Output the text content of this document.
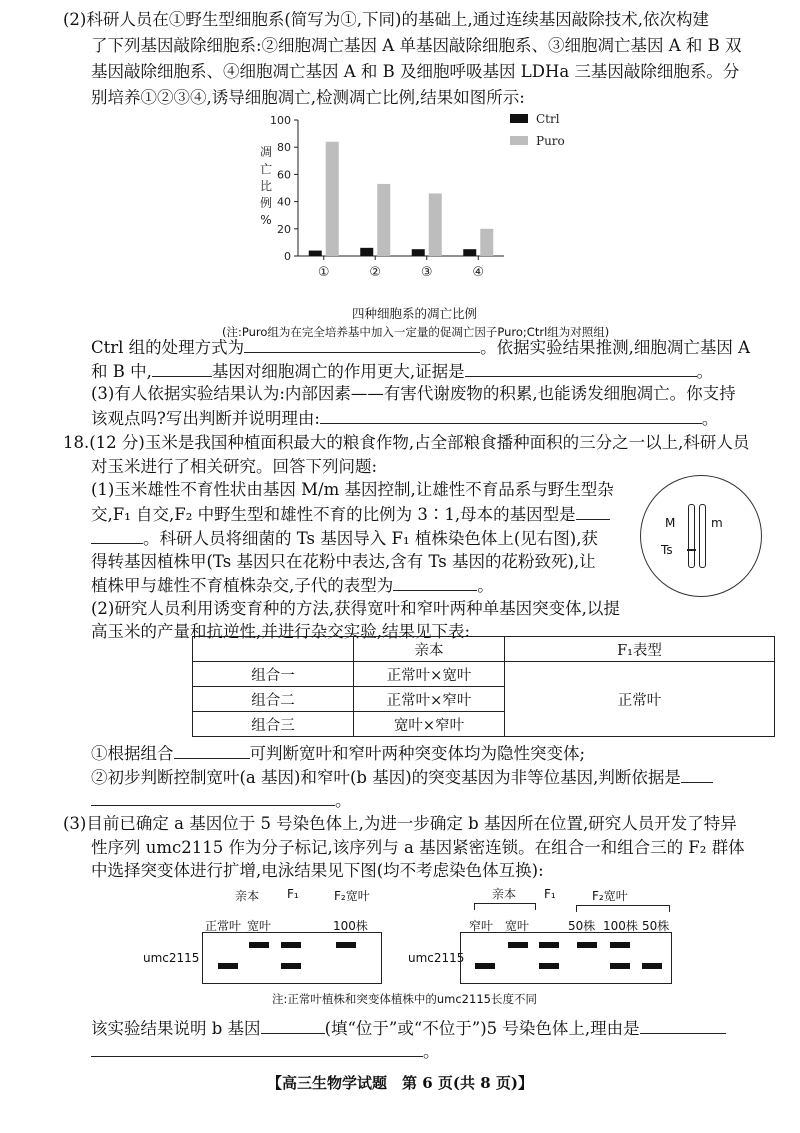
(2)科研人员在①野生型细胞系(简写为①,下同)的基础上,通过连续基因敲除技术,依次构建
了下列基因敲除细胞系:②细胞凋亡基因 A 单基因敲除细胞系、③细胞凋亡基因 A 和 B 双
基因敲除细胞系、④细胞凋亡基因 A 和 B 及细胞呼吸基因 LDHa 三基因敲除细胞系。分
别培养①②③④,诱导细胞凋亡,检测凋亡比例,结果如图所示:
0
20
40
60
80
100
凋
亡
比
例
%
①	②	③	④
Ctrl
Puro
四种细胞系的凋亡比例
(注:Puro组为在完全培养基中加入一定量的促凋亡因子Puro;Ctrl组为对照组)
Ctrl 组的处理方式为	。依据实验结果推测,细胞凋亡基因 A
和 B 中,	基因对细胞凋亡的作用更大,证据是	。
(3)有人依据实验结果认为:内部因素——有害代谢废物的积累,也能诱发细胞凋亡。你支持
该观点吗?写出判断并说明理由:	。
18.(12 分)玉米是我国种植面积最大的粮食作物,占全部粮食播种面积的三分之一以上,科研人员
对玉米进行了相关研究。回答下列问题:
(1)玉米雄性不育性状由基因 M/m 基因控制,让雄性不育品系与野生型杂
交,F₁ 自交,F₂ 中野生型和雄性不育的比例为 3∶1,母本的基因型是
。科研人员将细菌的 Ts 基因导入 F₁ 植株染色体上(见右图),获
得转基因植株甲(Ts 基因只在花粉中表达,含有 Ts 基因的花粉致死),让
植株甲与雄性不育植株杂交,子代的表型为	。
M	m
Ts
(2)研究人员利用诱变育种的方法,获得宽叶和窄叶两种单基因突变体,以提
高玉米的产量和抗逆性,并进行杂交实验,结果见下表:
	亲本	F₁表型
组合一	正常叶×宽叶	正常叶
组合二	正常叶×窄叶	
组合三	宽叶×窄叶	
①根据组合	可判断宽叶和窄叶两种突变体均为隐性突变体;
②初步判断控制宽叶(a 基因)和窄叶(b 基因)的突变基因为非等位基因,判断依据是
。
(3)目前已确定 a 基因位于 5 号染色体上,为进一步确定 b 基因所在位置,研究人员开发了特异
性序列 umc2115 作为分子标记,该序列与 a 基因紧密连锁。在组合一和组合三的 F₂ 群体
中选择突变体进行扩增,电泳结果见下图(均不考虑染色体互换):
亲本 F₁	F₂宽叶
正常叶 宽叶	100株
umc2115
亲本 F₁	F₂宽叶
窄叶 宽叶	50株 100株 50株
umc2115
注:正常叶植株和突变体植株中的umc2115长度不同
该实验结果说明 b 基因	(填“位于”或“不位于”)5 号染色体上,理由是
。
【高三生物学试题　第 6 页(共 8 页)】
